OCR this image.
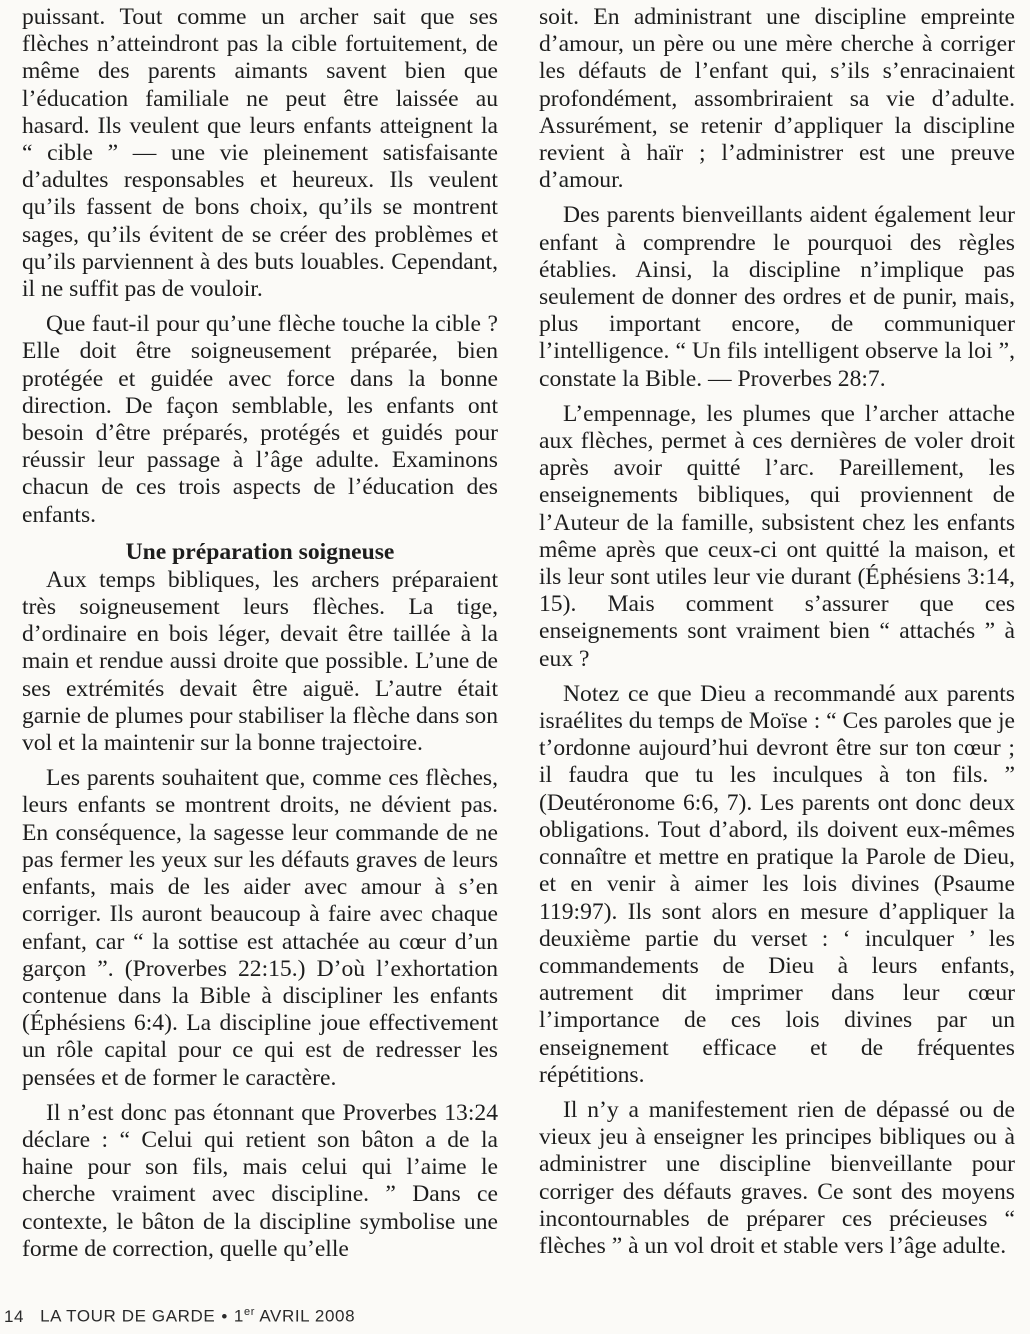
puissant. Tout comme un archer sait que ses flèches n’atteindront pas la cible fortuitement, de même des parents aimants savent bien que l’éducation familiale ne peut être laissée au hasard. Ils veulent que leurs enfants atteignent la “ cible ” — une vie pleinement satisfaisante d’adultes responsables et heureux. Ils veulent qu’ils fassent de bons choix, qu’ils se montrent sages, qu’ils évitent de se créer des problèmes et qu’ils parviennent à des buts louables. Cependant, il ne suffit pas de vouloir.

Que faut-il pour qu’une flèche touche la cible ? Elle doit être soigneusement préparée, bien protégée et guidée avec force dans la bonne direction. De façon semblable, les enfants ont besoin d’être préparés, protégés et guidés pour réussir leur passage à l’âge adulte. Examinons chacun de ces trois aspects de l’éducation des enfants.

Une préparation soigneuse

Aux temps bibliques, les archers préparaient très soigneusement leurs flèches. La tige, d’ordinaire en bois léger, devait être taillée à la main et rendue aussi droite que possible. L’une de ses extrémités devait être aiguë. L’autre était garnie de plumes pour stabiliser la flèche dans son vol et la maintenir sur la bonne trajectoire.

Les parents souhaitent que, comme ces flèches, leurs enfants se montrent droits, ne dévient pas. En conséquence, la sagesse leur commande de ne pas fermer les yeux sur les défauts graves de leurs enfants, mais de les aider avec amour à s’en corriger. Ils auront beaucoup à faire avec chaque enfant, car “ la sottise est attachée au cœur d’un garçon ”. (Proverbes 22:15.) D’où l’exhortation contenue dans la Bible à discipliner les enfants (Éphésiens 6:4). La discipline joue effectivement un rôle capital pour ce qui est de redresser les pensées et de former le caractère.

Il n’est donc pas étonnant que Proverbes 13:24 déclare : “ Celui qui retient son bâton a de la haine pour son fils, mais celui qui l’aime le cherche vraiment avec discipline. ” Dans ce contexte, le bâton de la discipline symbolise une forme de correction, quelle qu’elle

soit. En administrant une discipline empreinte d’amour, un père ou une mère cherche à corriger les défauts de l’enfant qui, s’ils s’enracinaient profondément, assombriraient sa vie d’adulte. Assurément, se retenir d’appliquer la discipline revient à haïr ; l’administrer est une preuve d’amour.

Des parents bienveillants aident également leur enfant à comprendre le pourquoi des règles établies. Ainsi, la discipline n’implique pas seulement de donner des ordres et de punir, mais, plus important encore, de communiquer l’intelligence. “ Un fils intelligent observe la loi ”, constate la Bible. — Proverbes 28:7.

L’empennage, les plumes que l’archer attache aux flèches, permet à ces dernières de voler droit après avoir quitté l’arc. Pareillement, les enseignements bibliques, qui proviennent de l’Auteur de la famille, subsistent chez les enfants même après que ceux-ci ont quitté la maison, et ils leur sont utiles leur vie durant (Éphésiens 3:14, 15). Mais comment s’assurer que ces enseignements sont vraiment bien “ attachés ” à eux ?

Notez ce que Dieu a recommandé aux parents israélites du temps de Moïse : “ Ces paroles que je t’ordonne aujourd’hui devront être sur ton cœur ; il faudra que tu les inculques à ton fils. ” (Deutéronome 6:6, 7). Les parents ont donc deux obligations. Tout d’abord, ils doivent eux-mêmes connaître et mettre en pratique la Parole de Dieu, et en venir à aimer les lois divines (Psaume 119:97). Ils sont alors en mesure d’appliquer la deuxième partie du verset : ‘ inculquer ’ les commandements de Dieu à leurs enfants, autrement dit imprimer dans leur cœur l’importance de ces lois divines par un enseignement efficace et de fréquentes répétitions.

Il n’y a manifestement rien de dépassé ou de vieux jeu à enseigner les principes bibliques ou à administrer une discipline bienveillante pour corriger des défauts graves. Ce sont des moyens incontournables de préparer ces précieuses “ flèches ” à un vol droit et stable vers l’âge adulte.

14 LA TOUR DE GARDE • 1er AVRIL 2008
